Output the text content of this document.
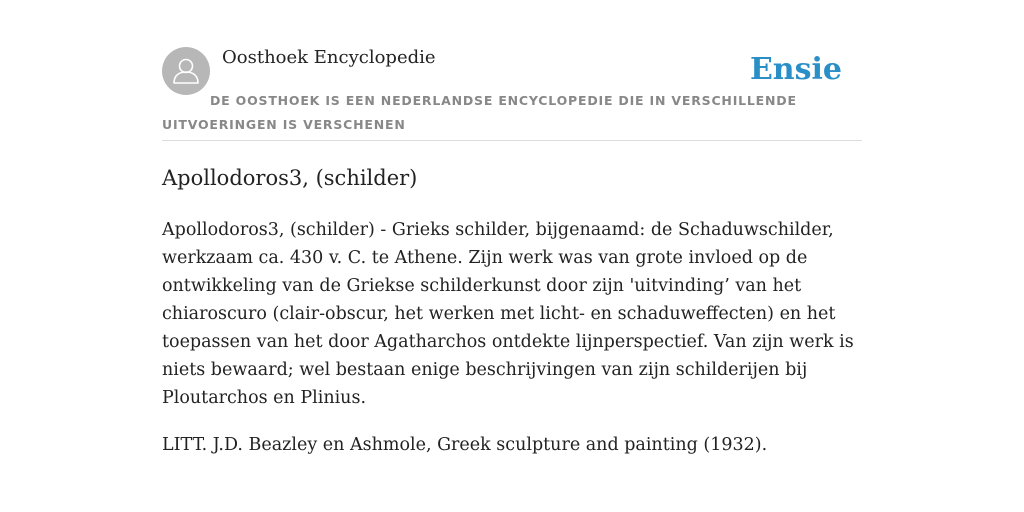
Oosthoek Encyclopedie	Ensie
DE OOSTHOEK IS EEN NEDERLANDSE ENCYCLOPEDIE DIE IN VERSCHILLENDE UITVOERINGEN IS VERSCHENEN
Apollodoros3, (schilder)

Apollodoros3, (schilder) - Grieks schilder, bijgenaamd: de Schaduwschilder, werkzaam ca. 430 v. C. te Athene. Zijn werk was van grote invloed op de ontwikkeling van de Griekse schilderkunst door zijn 'uitvinding’ van het chiaroscuro (clair-obscur, het werken met licht- en schaduweffecten) en het toepassen van het door Agatharchos ontdekte lijnperspectief. Van zijn werk is niets bewaard; wel bestaan enige beschrijvingen van zijn schilderijen bij Ploutarchos en Plinius.

LITT. J.D. Beazley en Ashmole, Greek sculpture and painting (1932).
